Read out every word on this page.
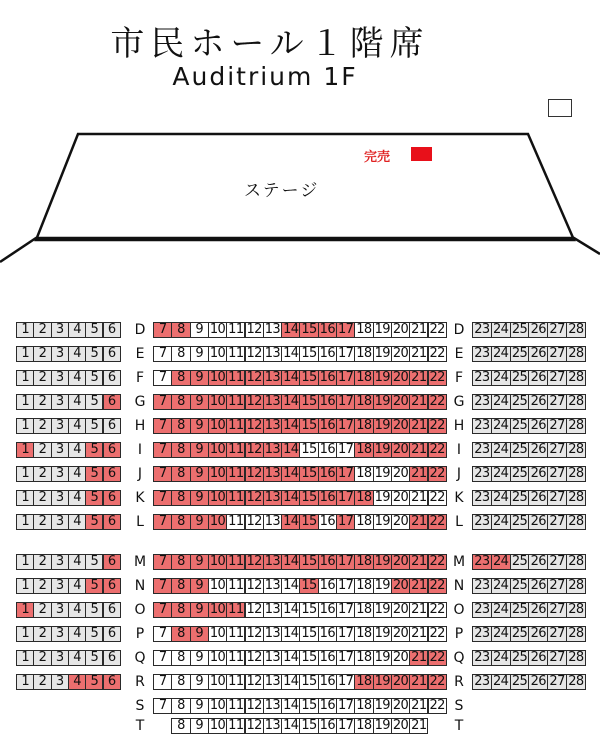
市民ホール１階席
Auditrium 1F
ステージ
完売
1 2 3 4 5 6	D	7 8 9 10 11 12 13 14 15 16 17 18 19 20 21 22 D 23 24 25 26 27 28
1 2 3 4 5 6	E	7 8 9 10 11 12 13 14 15 16 17 18 19 20 21 22 E 23 24 25 26 27 28
1 2 3 4 5 6	F	7 8 9 10 11 12 13 14 15 16 17 18 19 20 21 22 F 23 24 25 26 27 28
1 2 3 4 5 6	G	7 8 9 10 11 12 13 14 15 16 17 18 19 20 21 22 G 23 24 25 26 27 28
1 2 3 4 5 6	H	7 8 9 10 11 12 13 14 15 16 17 18 19 20 21 22 H 23 24 25 26 27 28
1 2 3 4 5 6	I	7 8 9 10 11 12 13 14 15 16 17 18 19 20 21 22 I	23 24 25 26 27 28
1 2 3 4 5 6	J	7 8 9 10 11 12 13 14 15 16 17 18 19 20 21 22 J	23 24 25 26 27 28
1 2 3 4 5 6	K	7 8 9 10 11 12 13 14 15 16 17 18 19 20 21 22 K 23 24 25 26 27 28
1 2 3 4 5 6	L	7 8 9 10 11 12 13 14 15 16 17 18 19 20 21 22 L 23 24 25 26 27 28
1 2 3 4 5 6	M 7 8 9 10 11 12 13 14 15 16 17 18 19 20 21 22 M 23 24 25 26 27 28
1 2 3 4 5 6	N	7 8 9 10 11 12 13 14 15 16 17 18 19 20 21 22 N 23 24 25 26 27 28
1 2 3 4 5 6	O	7 8 9 10 11 12 13 14 15 16 17 18 19 20 21 22 O 23 24 25 26 27 28
1 2 3 4 5 6	P	7 8 9 10 11 12 13 14 15 16 17 18 19 20 21 22 P 23 24 25 26 27 28
1 2 3 4 5 6	Q	7 8 9 10 11 12 13 14 15 16 17 18 19 20 21 22 Q 23 24 25 26 27 28
1 2 3 4 5 6	R	7 8 9 10 11 12 13 14 15 16 17 18 19 20 21 22 R 23 24 25 26 27 28
S	7 8 9 10 11 12 13 14 15 16 17 18 19 20 21 22 S
T	8 9 10 11 12 13 14 15 16 17 18 19 20 21 T
